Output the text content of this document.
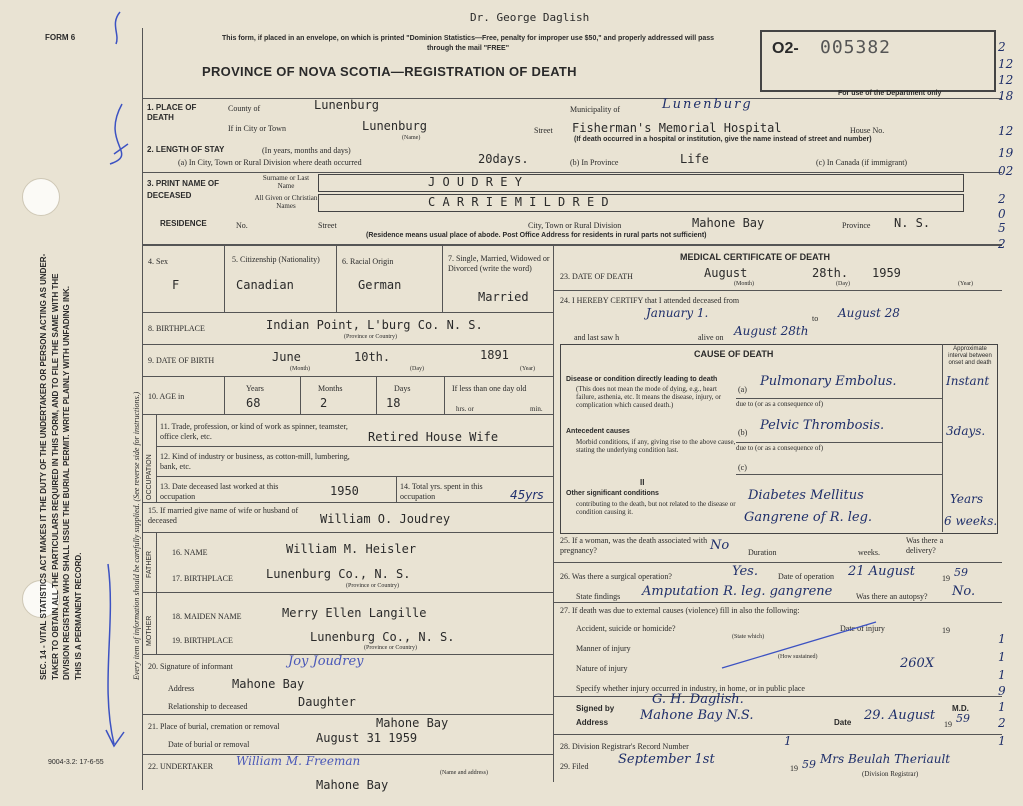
SEC. 14 - VITAL STATISTICS ACT MAKES IT THE DUTY OF THE UNDERTAKER OR PERSON ACTING AS UNDER- TAKER TO OBTAIN ALL THE PARTICULARS REQUIRED IN THIS FORM, AND TO FILE THE SAME WITH THE DIVISION REGISTRAR WHO SHALL ISSUE THE BURIAL PERMIT. WRITE PLAINLY WITH UNFADING INK. THIS IS A PERMANENT RECORD.	Every item of information should be carefully supplied. (See reverse side for instructions.)
FORM 6
9004-3.2: 17-6-55
Dr. George Daglish
This form, if placed in an envelope, on which is printed "Dominion Statistics—Free, penalty for improper use $50," and properly addressed will pass through the mail "FREE"
PROVINCE OF NOVA SCOTIA—REGISTRATION OF DEATH
O2- 005382
For use of the Department only
1. PLACE OF DEATH
County of	Lunenburg	Municipality of	Lunenburg
If in City or Town	Lunenburg
(Name)
Street Fisherman's Memorial Hospital	House No.
(If death occurred in a hospital or institution, give the name instead of street and number)
2. LENGTH OF STAY	(In years, months and days)
(a) In City, Town or Rural Division where death occurred	20days.	(b) In Province	Life	(c) In Canada (if immigrant)
3. PRINT NAME OF DECEASED
Surname or Last Name	J O U D R E Y
All Given or Christian Names	C A R R I E M I L D R E D
RESIDENCE	No.	Street	City, Town or Rural Division	Mahone Bay	Province N. S.
(Residence means usual place of abode. Post Office Address for residents in rural parts not sufficient)
4. Sex
F
5. Citizenship (Nationality)
Canadian
6. Racial Origin
German
7. Single, Married, Widowed or Divorced (write the word)
Married
8. BIRTHPLACE	Indian Point, L'burg Co. N. S.
(Province or Country)
9. DATE OF BIRTH	June	10th.	1891
(Month)	(Day)	(Year)
10. AGE in
Years
68
Months
2
Days
18
If less than one day old
hrs. or	min.
OCCUPATION
11. Trade, profession, or kind of work as spinner, teamster, office clerk, etc.	Retired House Wife
12. Kind of industry or business, as cotton-mill, lumbering, bank, etc.
13. Date deceased last worked at this occupation	1950	14. Total yrs. spent in this occupation	45yrs
15. If married give name of wife or husband of deceased	William O. Joudrey
FATHER 16. NAME	William M. Heisler
17. BIRTHPLACE	Lunenburg Co., N. S.
(Province or Country)
MOTHER 18. MAIDEN NAME	Merry Ellen Langille
19. BIRTHPLACE	Lunenburg Co., N. S.
(Province or Country)
20. Signature of informant	Joy Joudrey
Address	Mahone Bay
Relationship to deceased	Daughter
21. Place of burial, cremation or removal	Mahone Bay
Date of burial or removal	August 31 1959
22. UNDERTAKER William M. Freeman
(Name and address)
Mahone Bay
MEDICAL CERTIFICATE OF DEATH
23. DATE OF DEATH	August	28th. 1959
(Month)	(Day)	(Year)
24. I HEREBY CERTIFY that I attended deceased from
January 1.	to August 28
and last saw h	alive on August 28th
CAUSE OF DEATH	Approximate interval between onset and death
Disease or condition directly leading to death
(This does not mean the mode of dying, e.g., heart failure, asthenia, etc. It means the disease, injury, or complication which caused death.)
(a)
Pulmonary Embolus.	Instant
due to (or as a consequence of)
Antecedent causes
Morbid conditions, if any, giving rise to the above cause, stating the underlying condition last.
(b) Pelvic Thrombosis.	3days.
due to (or as a consequence of)
(c)
II
Other significant conditions
contributing to the death, but not related to the disease or condition causing it.
Diabetes Mellitus	Years
Gangrene of R. leg.	6 weeks.
25. If a woman, was the death associated with pregnancy?	No Duration	weeks.
Was there a delivery?
26. Was there a surgical operation?	Yes.	Date of operation 21 August	19 59
State findings Amputation R. leg. gangrene	Was there an autopsy? No.
27. If death was due to external causes (violence) fill in also the following:
Accident, suicide or homicide?
(State which)
Date of injury	19
Manner of injury
(How sustained)
Nature of injury	260X
Specify whether injury occurred in industry, in home, or in public place
Signed by
G. H. Daglish.
M.D.
Address Mahone Bay N.S.	Date 29. August
19 59
28. Division Registrar's Record Number	1
29. Filed September 1st
19 59 Mrs Beulah Theriault
(Division Registrar)
2
12
12
18
12
19
02
2
0
5
2
1
1
1
9
1
2
1
